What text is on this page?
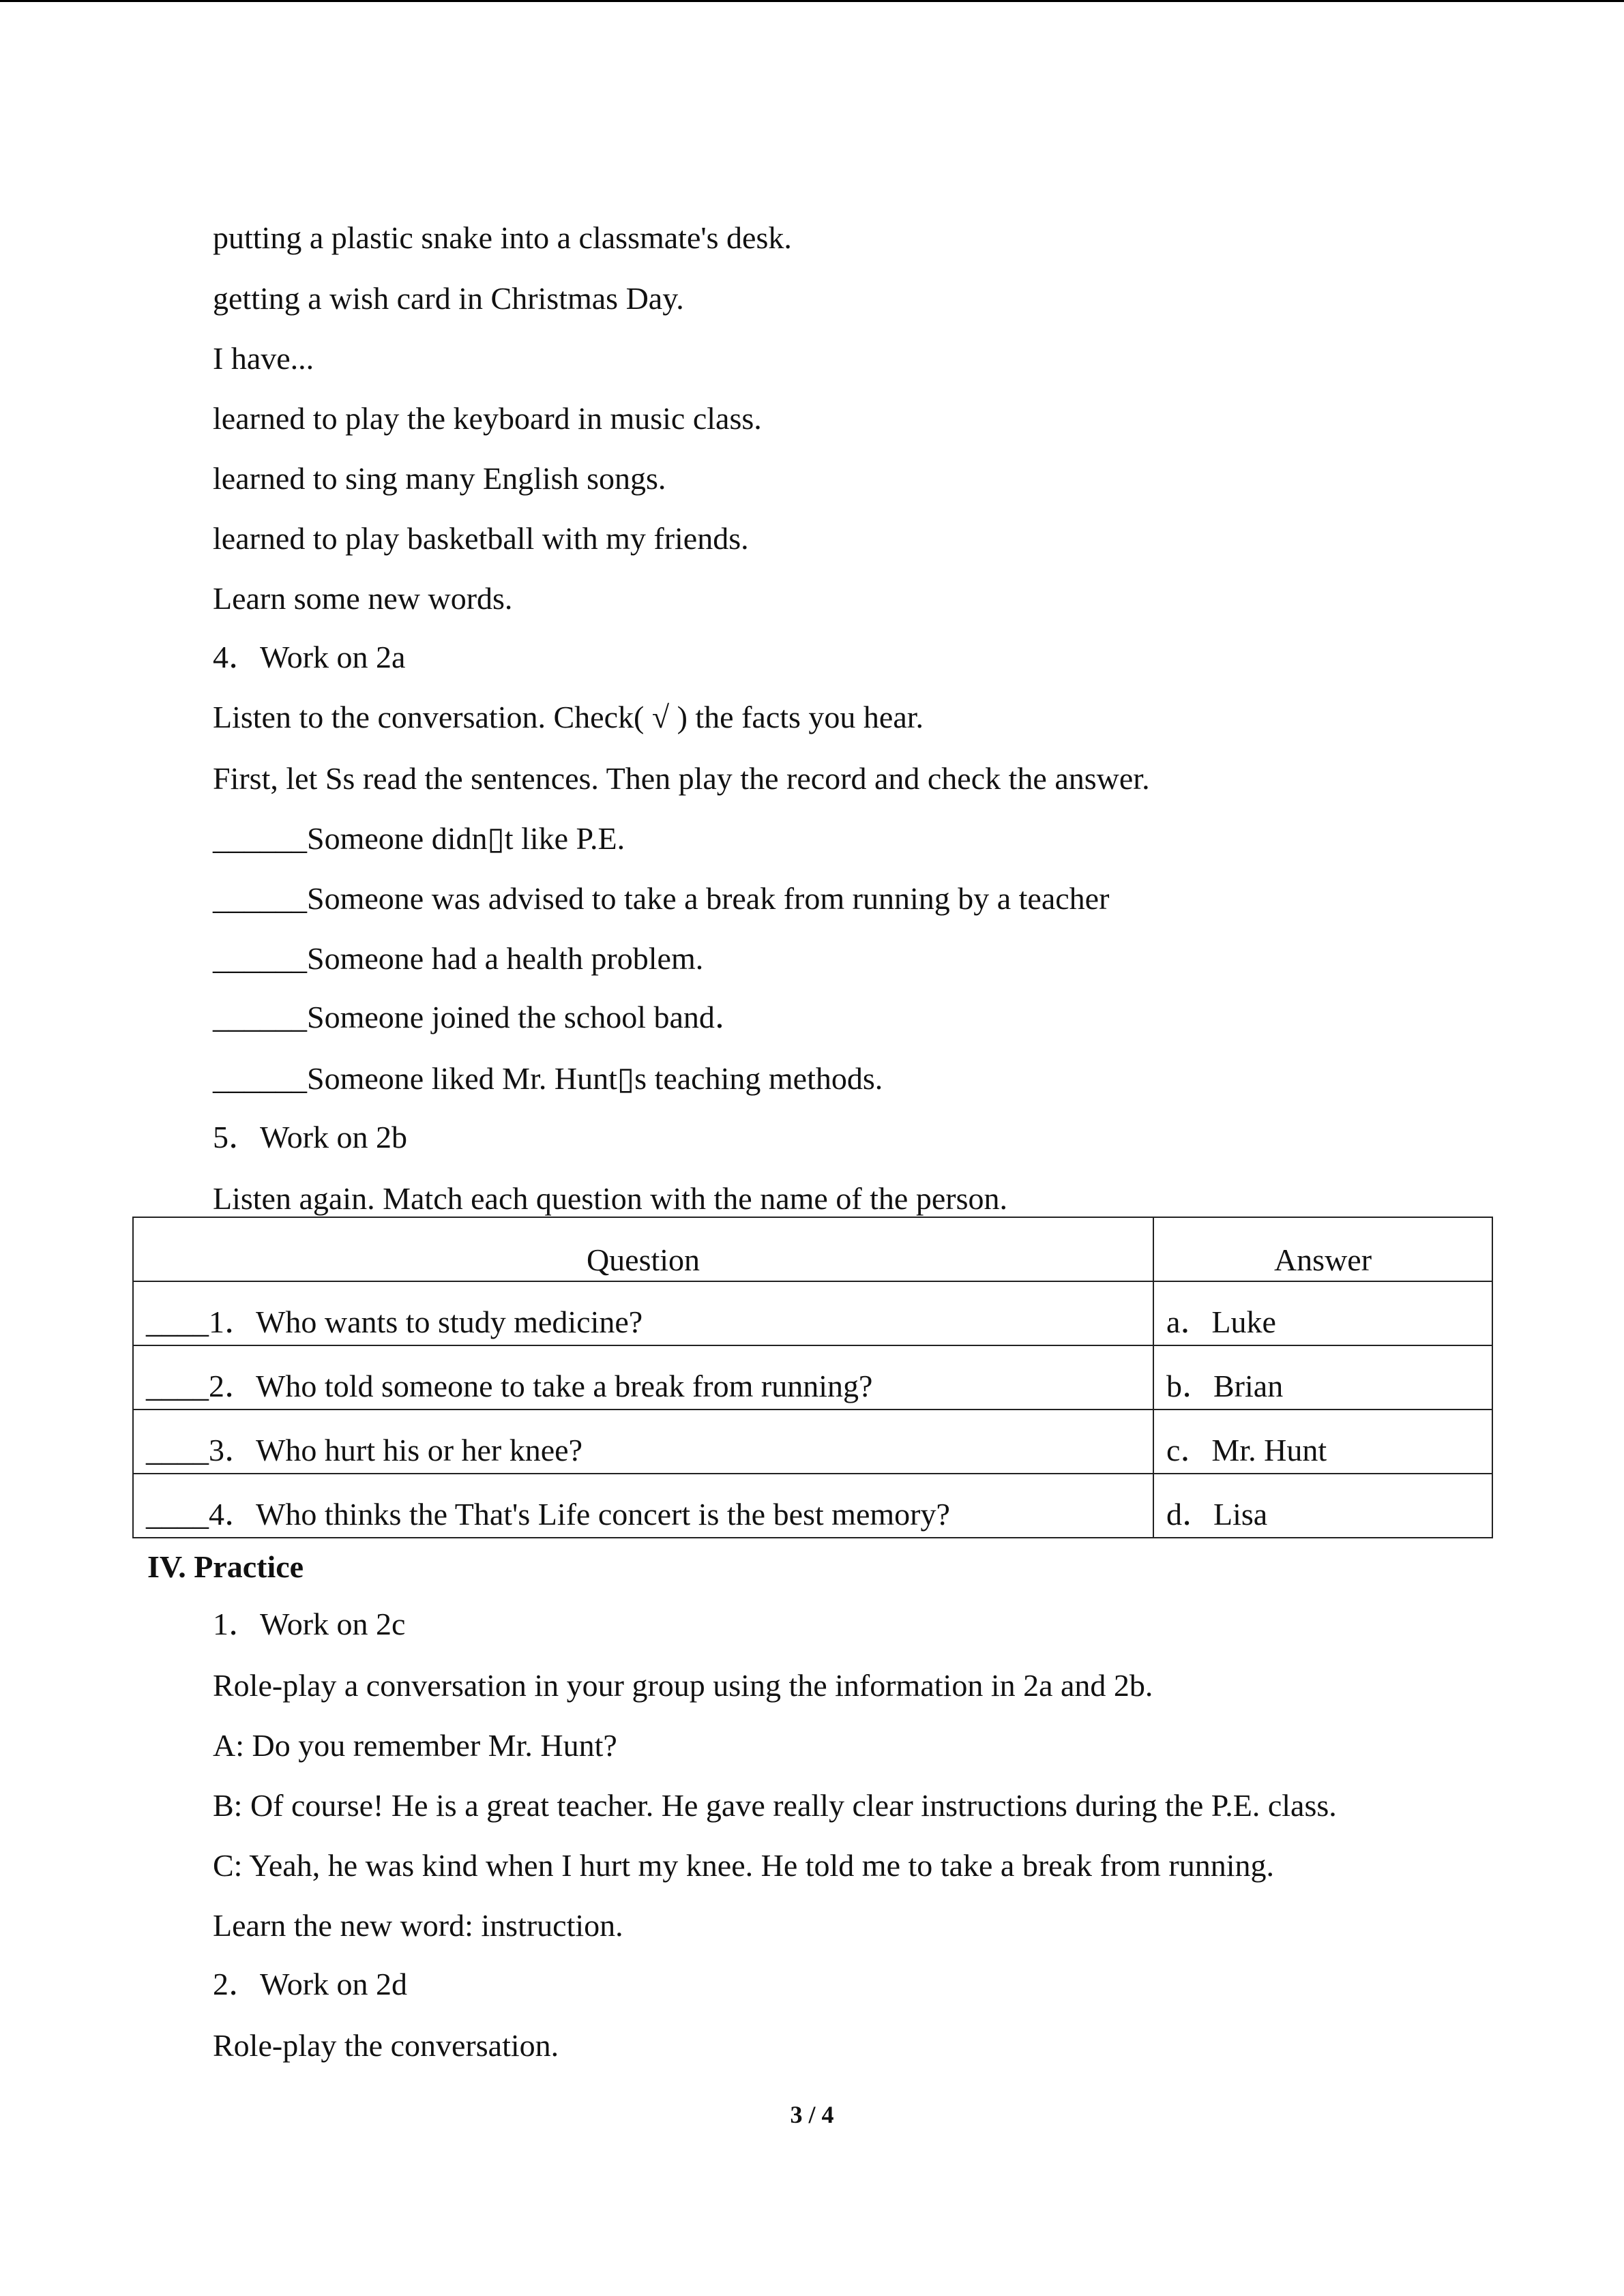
putting a plastic snake into a classmate's desk.

getting a wish card in Christmas Day.

I have...

learned to play the keyboard in music class.

learned to sing many English songs.

learned to play basketball with my friends.

Learn some new words.

4．Work on 2a

Listen to the conversation. Check( √ ) the facts you hear.

First, let Ss read the sentences. Then play the record and check the answer.

______Someone didn▯t like P.E.

______Someone was advised to take a break from running by a teacher

______Someone had a health problem.

______Someone joined the school band．

______Someone liked Mr. Hunt▯s teaching methods.

5．Work on 2b

Listen again. Match each question with the name of the person.

Question	Answer
____1．Who wants to study medicine?	a．Luke
____2．Who told someone to take a break from running?	b．Brian
____3．Who hurt his or her knee?	c．Mr. Hunt
____4．Who thinks the That's Life concert is the best memory?	d．Lisa

IV. Practice

1．Work on 2c

Role-play a conversation in your group using the information in 2a and 2b.

A: Do you remember Mr. Hunt?

B: Of course! He is a great teacher. He gave really clear instructions during the P.E. class.

C: Yeah, he was kind when I hurt my knee. He told me to take a break from running.

Learn the new word: instruction.

2．Work on 2d

Role-play the conversation.

3 / 4
